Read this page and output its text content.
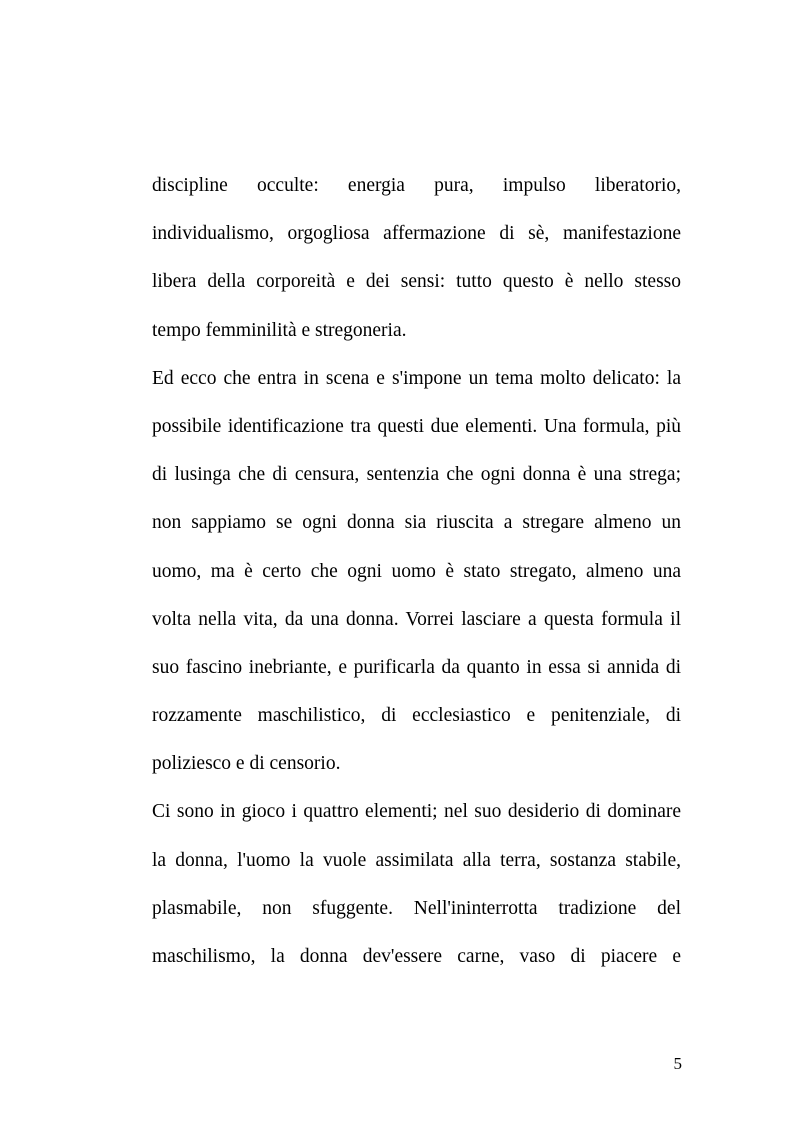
discipline occulte: energia pura, impulso liberatorio,
individualismo, orgogliosa affermazione di sè, manifestazione
libera della corporeità e dei sensi: tutto questo è nello stesso
tempo femminilità e stregoneria.
Ed ecco che entra in scena e s'impone un tema molto delicato: la
possibile identificazione tra questi due elementi. Una formula, più
di lusinga che di censura, sentenzia che ogni donna è una strega;
non sappiamo se ogni donna sia riuscita a stregare almeno un
uomo, ma è certo che ogni uomo è stato stregato, almeno una
volta nella vita, da una donna. Vorrei lasciare a questa formula il
suo fascino inebriante, e purificarla da quanto in essa si annida di
rozzamente maschilistico, di ecclesiastico e penitenziale, di
poliziesco e di censorio.
Ci sono in gioco i quattro elementi; nel suo desiderio di dominare
la donna, l'uomo la vuole assimilata alla terra, sostanza stabile,
plasmabile, non sfuggente. Nell'ininterrotta tradizione del
maschilismo, la donna dev'essere carne, vaso di piacere e
5
